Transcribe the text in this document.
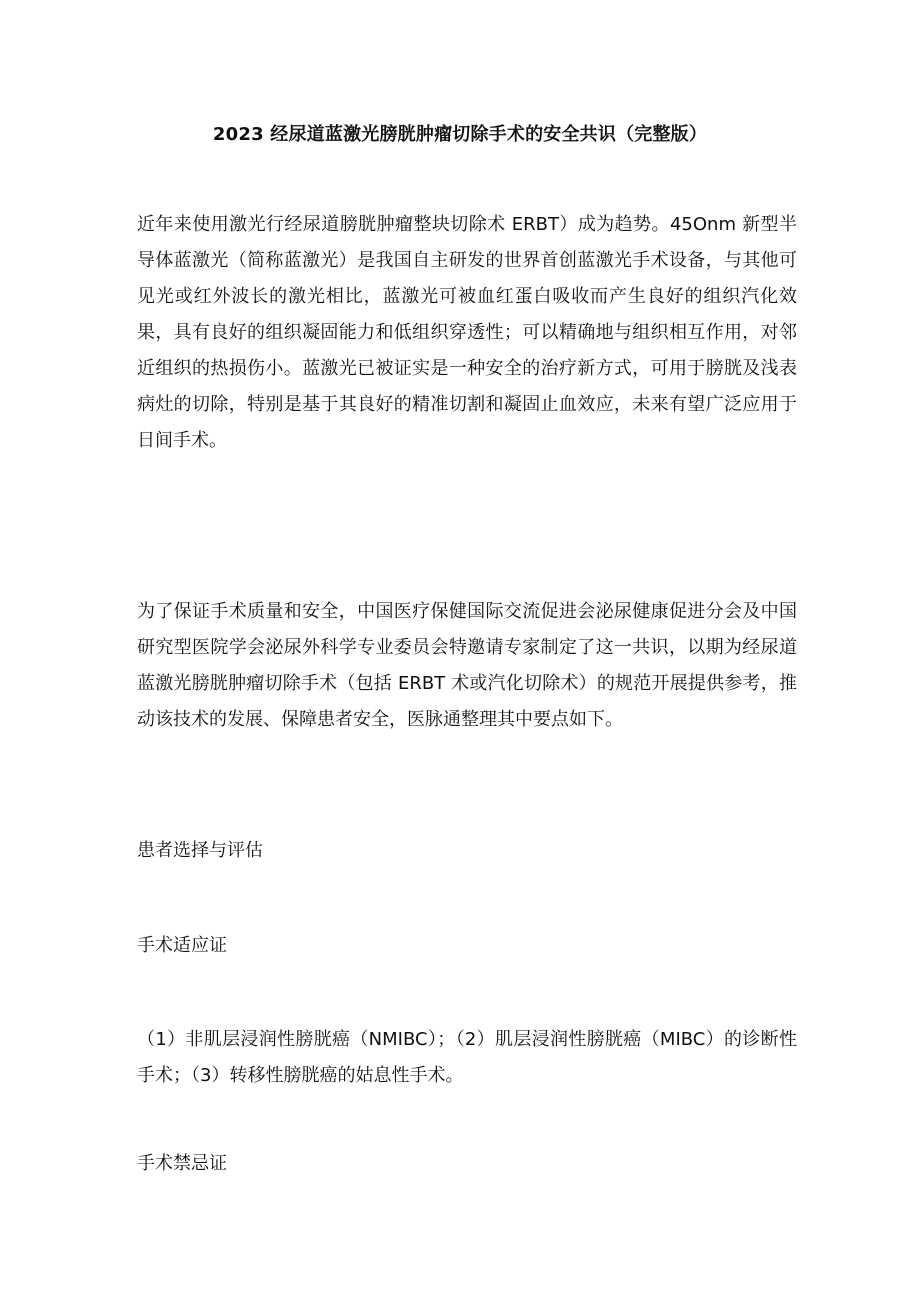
2023 经尿道蓝激光膀胱肿瘤切除手术的安全共识（完整版）
近年来使用激光行经尿道膀胱肿瘤整块切除术 ERBT）成为趋势。45Onm 新型半导体蓝激光（简称蓝激光）是我国自主研发的世界首创蓝激光手术设备，与其他可见光或红外波长的激光相比，蓝激光可被血红蛋白吸收而产生良好的组织汽化效果，具有良好的组织凝固能力和低组织穿透性；可以精确地与组织相互作用，对邻近组织的热损伤小。蓝激光已被证实是一种安全的治疗新方式，可用于膀胱及浅表病灶的切除，特别是基于其良好的精准切割和凝固止血效应，未来有望广泛应用于日间手术。
为了保证手术质量和安全，中国医疗保健国际交流促进会泌尿健康促进分会及中国研究型医院学会泌尿外科学专业委员会特邀请专家制定了这一共识，以期为经尿道蓝激光膀胱肿瘤切除手术（包括 ERBT 术或汽化切除术）的规范开展提供参考，推动该技术的发展、保障患者安全，医脉通整理其中要点如下。
患者选择与评估
手术适应证
（1）非肌层浸润性膀胱癌（NMIBC）；（2）肌层浸润性膀胱癌（MIBC）的诊断性手术；（3）转移性膀胱癌的姑息性手术。
手术禁忌证
